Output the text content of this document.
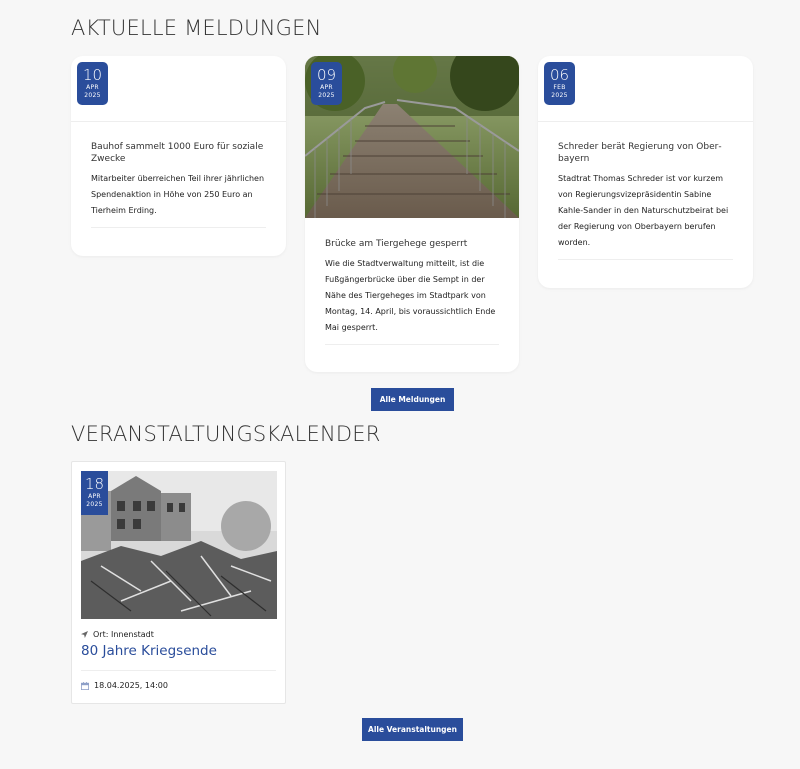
AKTUELLE MELDUNGEN
10
APR
2025
Bauhof sammelt 1000 Euro für soziale Zwecke
Mitarbeiter überreichen Teil ihrer jährlichen Spendenaktion in Höhe von 250 Euro an Tierheim Erding.
09
APR
2025
Brücke am Tiergehege gesperrt
Wie die Stadtverwaltung mitteilt, ist die Fußgängerbrücke über die Sempt in der Nähe des Tiergeheges im Stadtpark von Montag, 14. April, bis voraussichtlich Ende Mai gesperrt.
06
FEB
2025
Schreder berät Regierung von Oberbayern
Stadtrat Thomas Schreder ist vor kurzem von Regierungsvizepräsidentin Sabine Kahle-Sander in den Naturschutzbeirat bei der Regierung von Oberbayern berufen worden.
Alle Meldungen
VERANSTALTUNGSKALENDER
18
APR
2025
Ort: Innenstadt
80 Jahre Kriegsende
18.04.2025, 14:00
Alle Veranstaltungen
